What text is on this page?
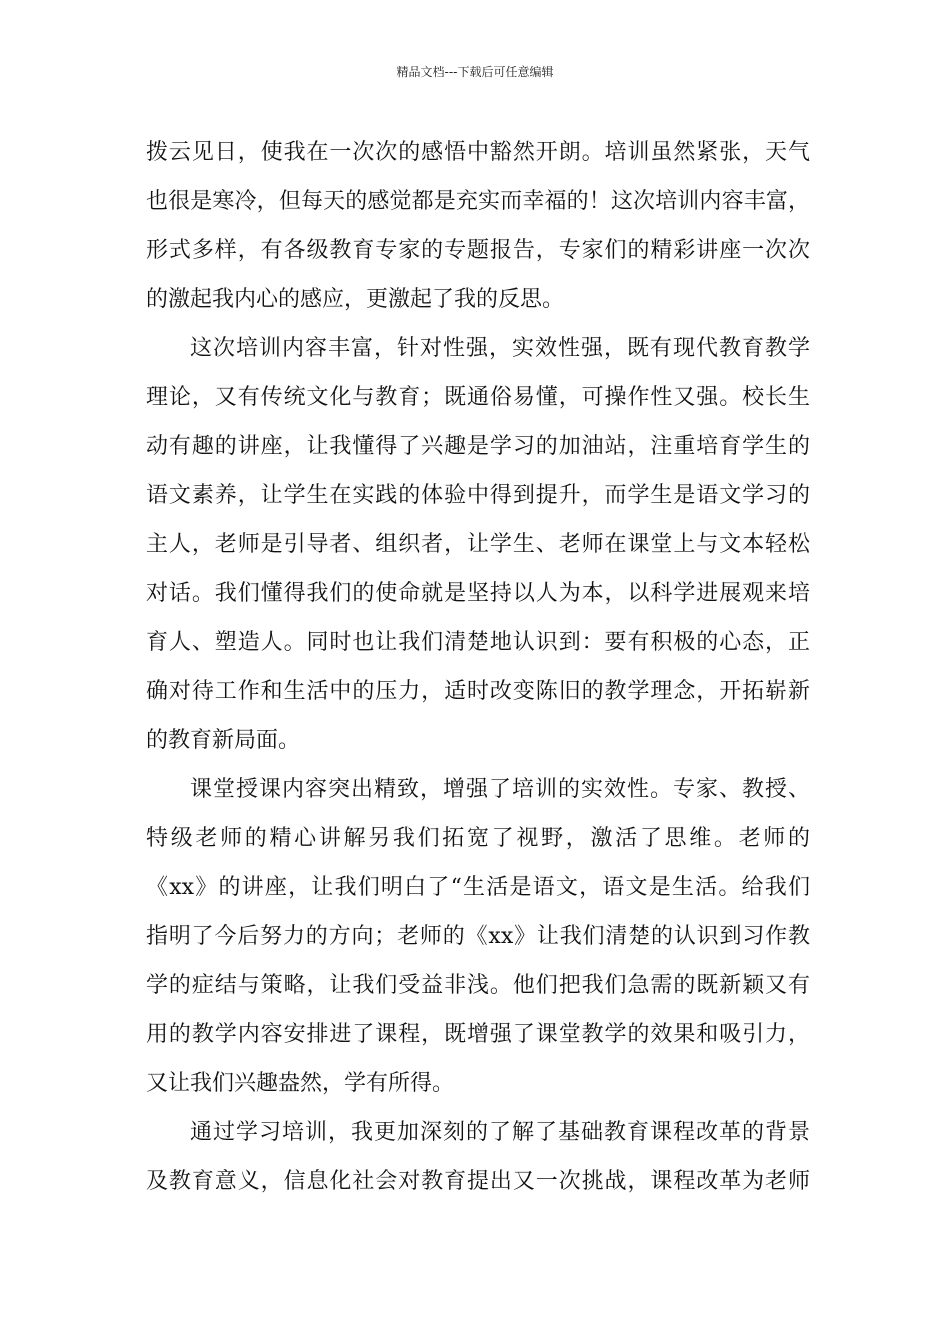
精品文档---下载后可任意编辑
拨云见日，使我在一次次的感悟中豁然开朗。培训虽然紧张，天气
也很是寒冷，但每天的感觉都是充实而幸福的！这次培训内容丰富，
形式多样，有各级教育专家的专题报告，专家们的精彩讲座一次次
的激起我内心的感应，更激起了我的反思。
这次培训内容丰富，针对性强，实效性强，既有现代教育教学
理论，又有传统文化与教育；既通俗易懂，可操作性又强。校长生
动有趣的讲座，让我懂得了兴趣是学习的加油站，注重培育学生的
语文素养，让学生在实践的体验中得到提升，而学生是语文学习的
主人，老师是引导者、组织者，让学生、老师在课堂上与文本轻松
对话。我们懂得我们的使命就是坚持以人为本，以科学进展观来培
育人、塑造人。同时也让我们清楚地认识到：要有积极的心态，正
确对待工作和生活中的压力，适时改变陈旧的教学理念，开拓崭新
的教育新局面。
课堂授课内容突出精致，增强了培训的实效性。专家、教授、
特级老师的精心讲解另我们拓宽了视野，激活了思维。老师的
《xx》的讲座，让我们明白了“生活是语文，语文是生活。给我们
指明了今后努力的方向；老师的《xx》让我们清楚的认识到习作教
学的症结与策略，让我们受益非浅。他们把我们急需的既新颖又有
用的教学内容安排进了课程，既增强了课堂教学的效果和吸引力，
又让我们兴趣盎然，学有所得。
通过学习培训，我更加深刻的了解了基础教育课程改革的背景
及教育意义，信息化社会对教育提出又一次挑战，课程改革为老师
